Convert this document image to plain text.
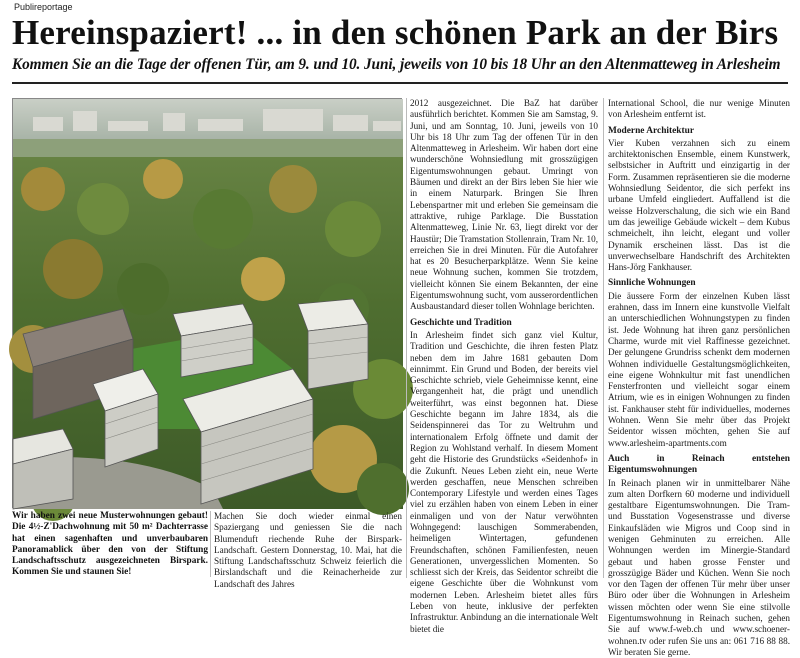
Publireportage
Hereinspaziert! ... in den schönen Park an der Birs
Kommen Sie an die Tage der offenen Tür, am 9. und 10. Juni, jeweils von 10 bis 18 Uhr an den Altenmatteweg in Arlesheim
Wir haben zwei neue Musterwohnungen gebaut! Die 4½-Z'Dachwohnung mit 50 m² Dachterrasse hat einen sagenhaften und unverbaubaren Panoramablick über den von der Stiftung Landschaftsschutz ausgezeichneten Birspark. Kommen Sie und staunen Sie!

Machen Sie doch wieder einmal einen Spaziergang und geniessen Sie die nach Blumenduft riechende Ruhe der Birspark-Landschaft. Gestern Donnerstag, 10. Mai, hat die Stiftung Landschaftsschutz Schweiz feierlich die Birslandschaft und die Reinacherheide zur Landschaft des Jahres

2012 ausgezeichnet. Die BaZ hat darüber ausführlich berichtet. Kommen Sie am Samstag, 9. Juni, und am Sonntag, 10. Juni, jeweils von 10 Uhr bis 18 Uhr zum Tag der offenen Tür in den Altenmatteweg in Arlesheim. Wir haben dort eine wunderschöne Wohnsiedlung mit grosszügigen Eigentumswohnungen gebaut. Umringt von Bäumen und direkt an der Birs leben Sie hier wie in einem Naturpark. Bringen Sie Ihren Lebenspartner mit und erleben Sie gemeinsam die attraktive, ruhige Parklage. Die Busstation Altenmatteweg, Linie Nr. 63, liegt direkt vor der Haustür; Die Tramstation Stollenrain, Tram Nr. 10, erreichen Sie in drei Minuten. Für die Autofahrer hat es 20 Besucherparkplätze. Wenn Sie keine neue Wohnung suchen, kommen Sie trotzdem, vielleicht können Sie einem Bekannten, der eine Eigentumswohnung sucht, vom ausserordentlichen Ausbaustandard dieser tollen Wohnlage berichten.

Geschichte und Tradition

In Arlesheim findet sich ganz viel Kultur, Tradition und Geschichte, die ihren festen Platz neben dem im Jahre 1681 gebauten Dom einnimmt. Ein Grund und Boden, der bereits viel Geschichte schrieb, viele Geheimnisse kennt, eine Vergangenheit hat, die prägt und unendlich weiterführt, was einst begonnen hat. Diese Geschichte begann im Jahre 1834, als die Seidenspinnerei das Tor zu Weltruhm und internationalem Erfolg öffnete und damit der Region zu Wohlstand verhalf. In diesem Moment geht die Historie des Grundstücks «Seidenhof» in die Zukunft. Neues Leben zieht ein, neue Werte werden geschaffen, neue Menschen schreiben Contemporary Lifestyle und werden eines Tages viel zu erzählen haben von einem Leben in einer einmaligen und von der Natur verwöhnten Wohngegend: lauschigen Sommerabenden, heimeligen Wintertagen, gefundenen Freundschaften, schönen Familienfesten, neuen Generationen, unvergesslichen Momenten. So schliesst sich der Kreis, das Seidentor schreibt die eigene Geschichte über die Wohnkunst vom modernen Leben. Arlesheim bietet alles fürs Leben von heute, inklusive der perfekten Infrastruktur. Anbindung an die internationale Welt bietet die

International School, die nur wenige Minuten von Arlesheim entfernt ist.

Moderne Architektur

Vier Kuben verzahnen sich zu einem architektonischen Ensemble, einem Kunstwerk, selbstsicher in Auftritt und einzigartig in der Form. Zusammen repräsentieren sie die moderne Wohnsiedlung Seidentor, die sich perfekt ins urbane Umfeld eingliedert. Auffallend ist die weisse Holzverschalung, die sich wie ein Band um das jeweilige Gebäude wickelt – dem Kubus schmeichelt, ihn leicht, elegant und voller Dynamik erscheinen lässt. Das ist die unverwechselbare Handschrift des Architekten Hans-Jörg Fankhauser.

Sinnliche Wohnungen

Die äussere Form der einzelnen Kuben lässt erahnen, dass im Innern eine kunstvolle Vielfalt an unterschiedlichen Wohnungstypen zu finden ist. Jede Wohnung hat ihren ganz persönlichen Charme, wurde mit viel Raffinesse gezeichnet. Der gelungene Grundriss schenkt dem modernen Wohnen individuelle Gestaltungsmöglichkeiten, eine eigene Wohnkultur mit fast unendlichen Fensterfronten und vielleicht sogar einem Atrium, wie es in einigen Wohnungen zu finden ist. Fankhauser steht für individuelles, modernes Wohnen. Wenn Sie mehr über das Projekt Seidentor wissen möchten, gehen Sie auf www.arlesheim-apartments.com

Auch in Reinach entstehen Eigentumswohnungen

In Reinach planen wir in unmittelbarer Nähe zum alten Dorfkern 60 moderne und individuell gestaltbare Eigentumswohnungen. Die Tram- und Busstation Vogesenstrasse und diverse Einkaufsläden wie Migros und Coop sind in wenigen Gehminuten zu erreichen. Alle Wohnungen werden im Minergie-Standard gebaut und haben grosse Fenster und grosszügige Bäder und Küchen. Wenn Sie noch vor den Tagen der offenen Tür mehr über unser Büro oder über die Wohnungen in Arlesheim wissen möchten oder wenn Sie eine stilvolle Eigentumswohnung in Reinach suchen, gehen Sie auf www.f-web.ch und www.schoener-wohnen.tv oder rufen Sie uns an: 061 716 88 88. Wir beraten Sie gerne.
